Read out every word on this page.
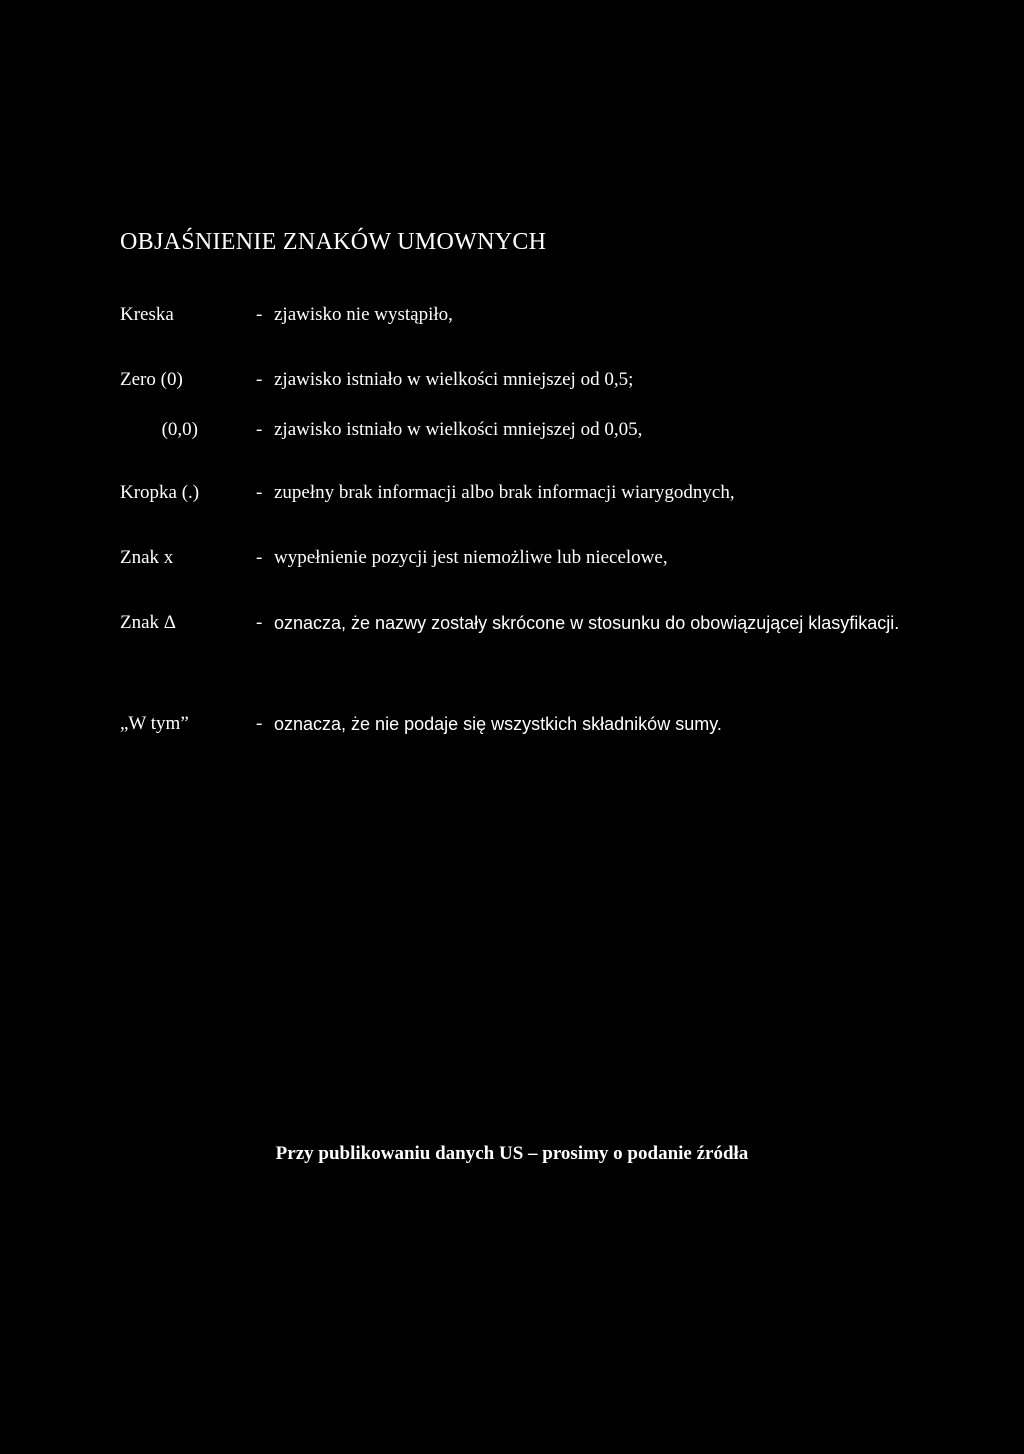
OBJAŚNIENIE ZNAKÓW UMOWNYCH
Kreska	- zjawisko nie wystąpiło,
Zero (0)	- zjawisko istniało w wielkości mniejszej od 0,5;
(0,0)	- zjawisko istniało w wielkości mniejszej od 0,05,
Kropka (.)	- zupełny brak informacji albo brak informacji wiarygodnych,
Znak x	- wypełnienie pozycji jest niemożliwe lub niecelowe,
Znak Δ	- oznacza, że nazwy zostały skrócone w stosunku do obowiązującej klasyfikacji.
„W tym”	- oznacza, że nie podaje się wszystkich składników sumy.
Przy publikowaniu danych US – prosimy o podanie źródła
